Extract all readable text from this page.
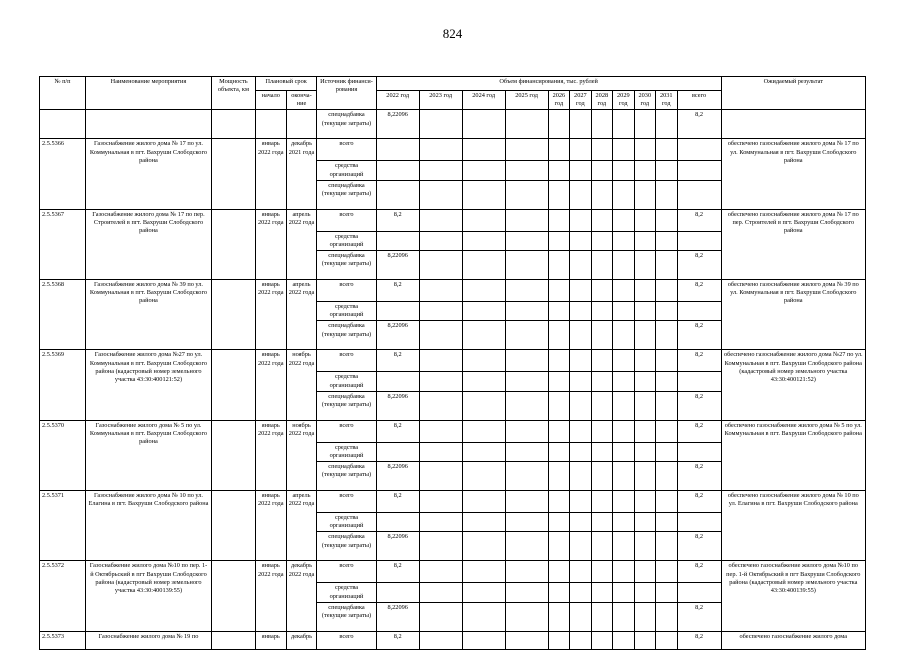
824
№ п/п	Наименование мероприятия	Мощность объекта, км	Плановый срок		Источник финанси-рования	Объем финансирования, тыс. рублей											Ожидаемый результат
			начало	оконча-ние		2022 год	2023 год	2024 год	2025 год	2026 год	2027 год	2028 год	2029 год	2030 год	2031 год	всего	
					спецнадбавка (текущие затраты)	8,22096										8,2	
2.5.5366	Газоснабжение жилого дома № 17 по ул. Коммунальная в пгт. Вахруши Слободского района		январь 2022 года	декабрь 2021 года	всего												обеспечено газоснабжение жилого дома № 17 по ул. Коммунальная в пгт. Вахруши Слободского района
					средства организаций												
					спецнадбавка (текущие затраты)												
2.5.5367	Газоснабжение жилого дома № 17 по пер. Строителей в пгт. Вахруши Слободского района		январь 2022 года	апрель 2022 года	всего	8,2										8,2	обеспечено газоснабжение жилого дома № 17 по пер. Строителей в пгт. Вахруши Слободского района
					средства организаций												
					спецнадбавка (текущие затраты)	8,22096										8,2	
2.5.5368	Газоснабжение жилого дома № 39 по ул. Коммунальная в пгт. Вахруши Слободского района		январь 2022 года	апрель 2022 года	всего	8,2										8,2	обеспечено газоснабжение жилого дома № 39 по ул. Коммунальная в пгт. Вахруши Слободского района
					средства организаций												
					спецнадбавка (текущие затраты)	8,22096										8,2	
2.5.5369	Газоснабжение жилого дома №27 по ул. Коммунальная в пгт. Вахруши Слободского района (кадастровый номер земельного участка 43:30:400121:52)		январь 2022 года	ноябрь 2022 года	всего	8,2										8,2	обеспечено газоснабжение жилого дома №27 по ул. Коммунальная в пгт. Вахруши Слободского района (кадастровый номер земельного участка 43:30:400121:52)
					средства организаций												
					спецнадбавка (текущие затраты)	8,22096										8,2	
2.5.5370	Газоснабжение жилого дома № 5 по ул. Коммунальная в пгт. Вахруши Слободского района		январь 2022 года	ноябрь 2022 года	всего	8,2										8,2	обеспечено газоснабжение жилого дома № 5 по ул. Коммунальная в пгт. Вахруши Слободского района
					средства организаций												
					спецнадбавка (текущие затраты)	8,22096										8,2	
2.5.5371	Газоснабжение жилого дома № 10 по ул. Елагина в пгт. Вахруши Слободского района		январь 2022 года	апрель 2022 года	всего	8,2										8,2	обеспечено газоснабжение жилого дома № 10 по ул. Елагина в пгт. Вахруши Слободского района
					средства организаций												
					спецнадбавка (текущие затраты)	8,22096										8,2	
2.5.5372	Газоснабжение жилого дома №10 по пер. 1-й Октябрьский в пгт Вахруши Слободского района (кадастровый номер земельного участка 43:30:400139:55)		январь 2022 года	декабрь 2022 года	всего	8,2										8,2	обеспечено газоснабжение жилого дома №10 по пер. 1-й Октябрьский в пгт Вахруши Слободского района (кадастровый номер земельного участка 43:30:400139:55)
					средства организаций												
					спецнадбавка (текущие затраты)	8,22096										8,2	
2.5.5373	Газоснабжение жилого дома № 19 по		январь	декабрь	всего	8,2										8,2	обеспечено газоснабжение жилого дома
